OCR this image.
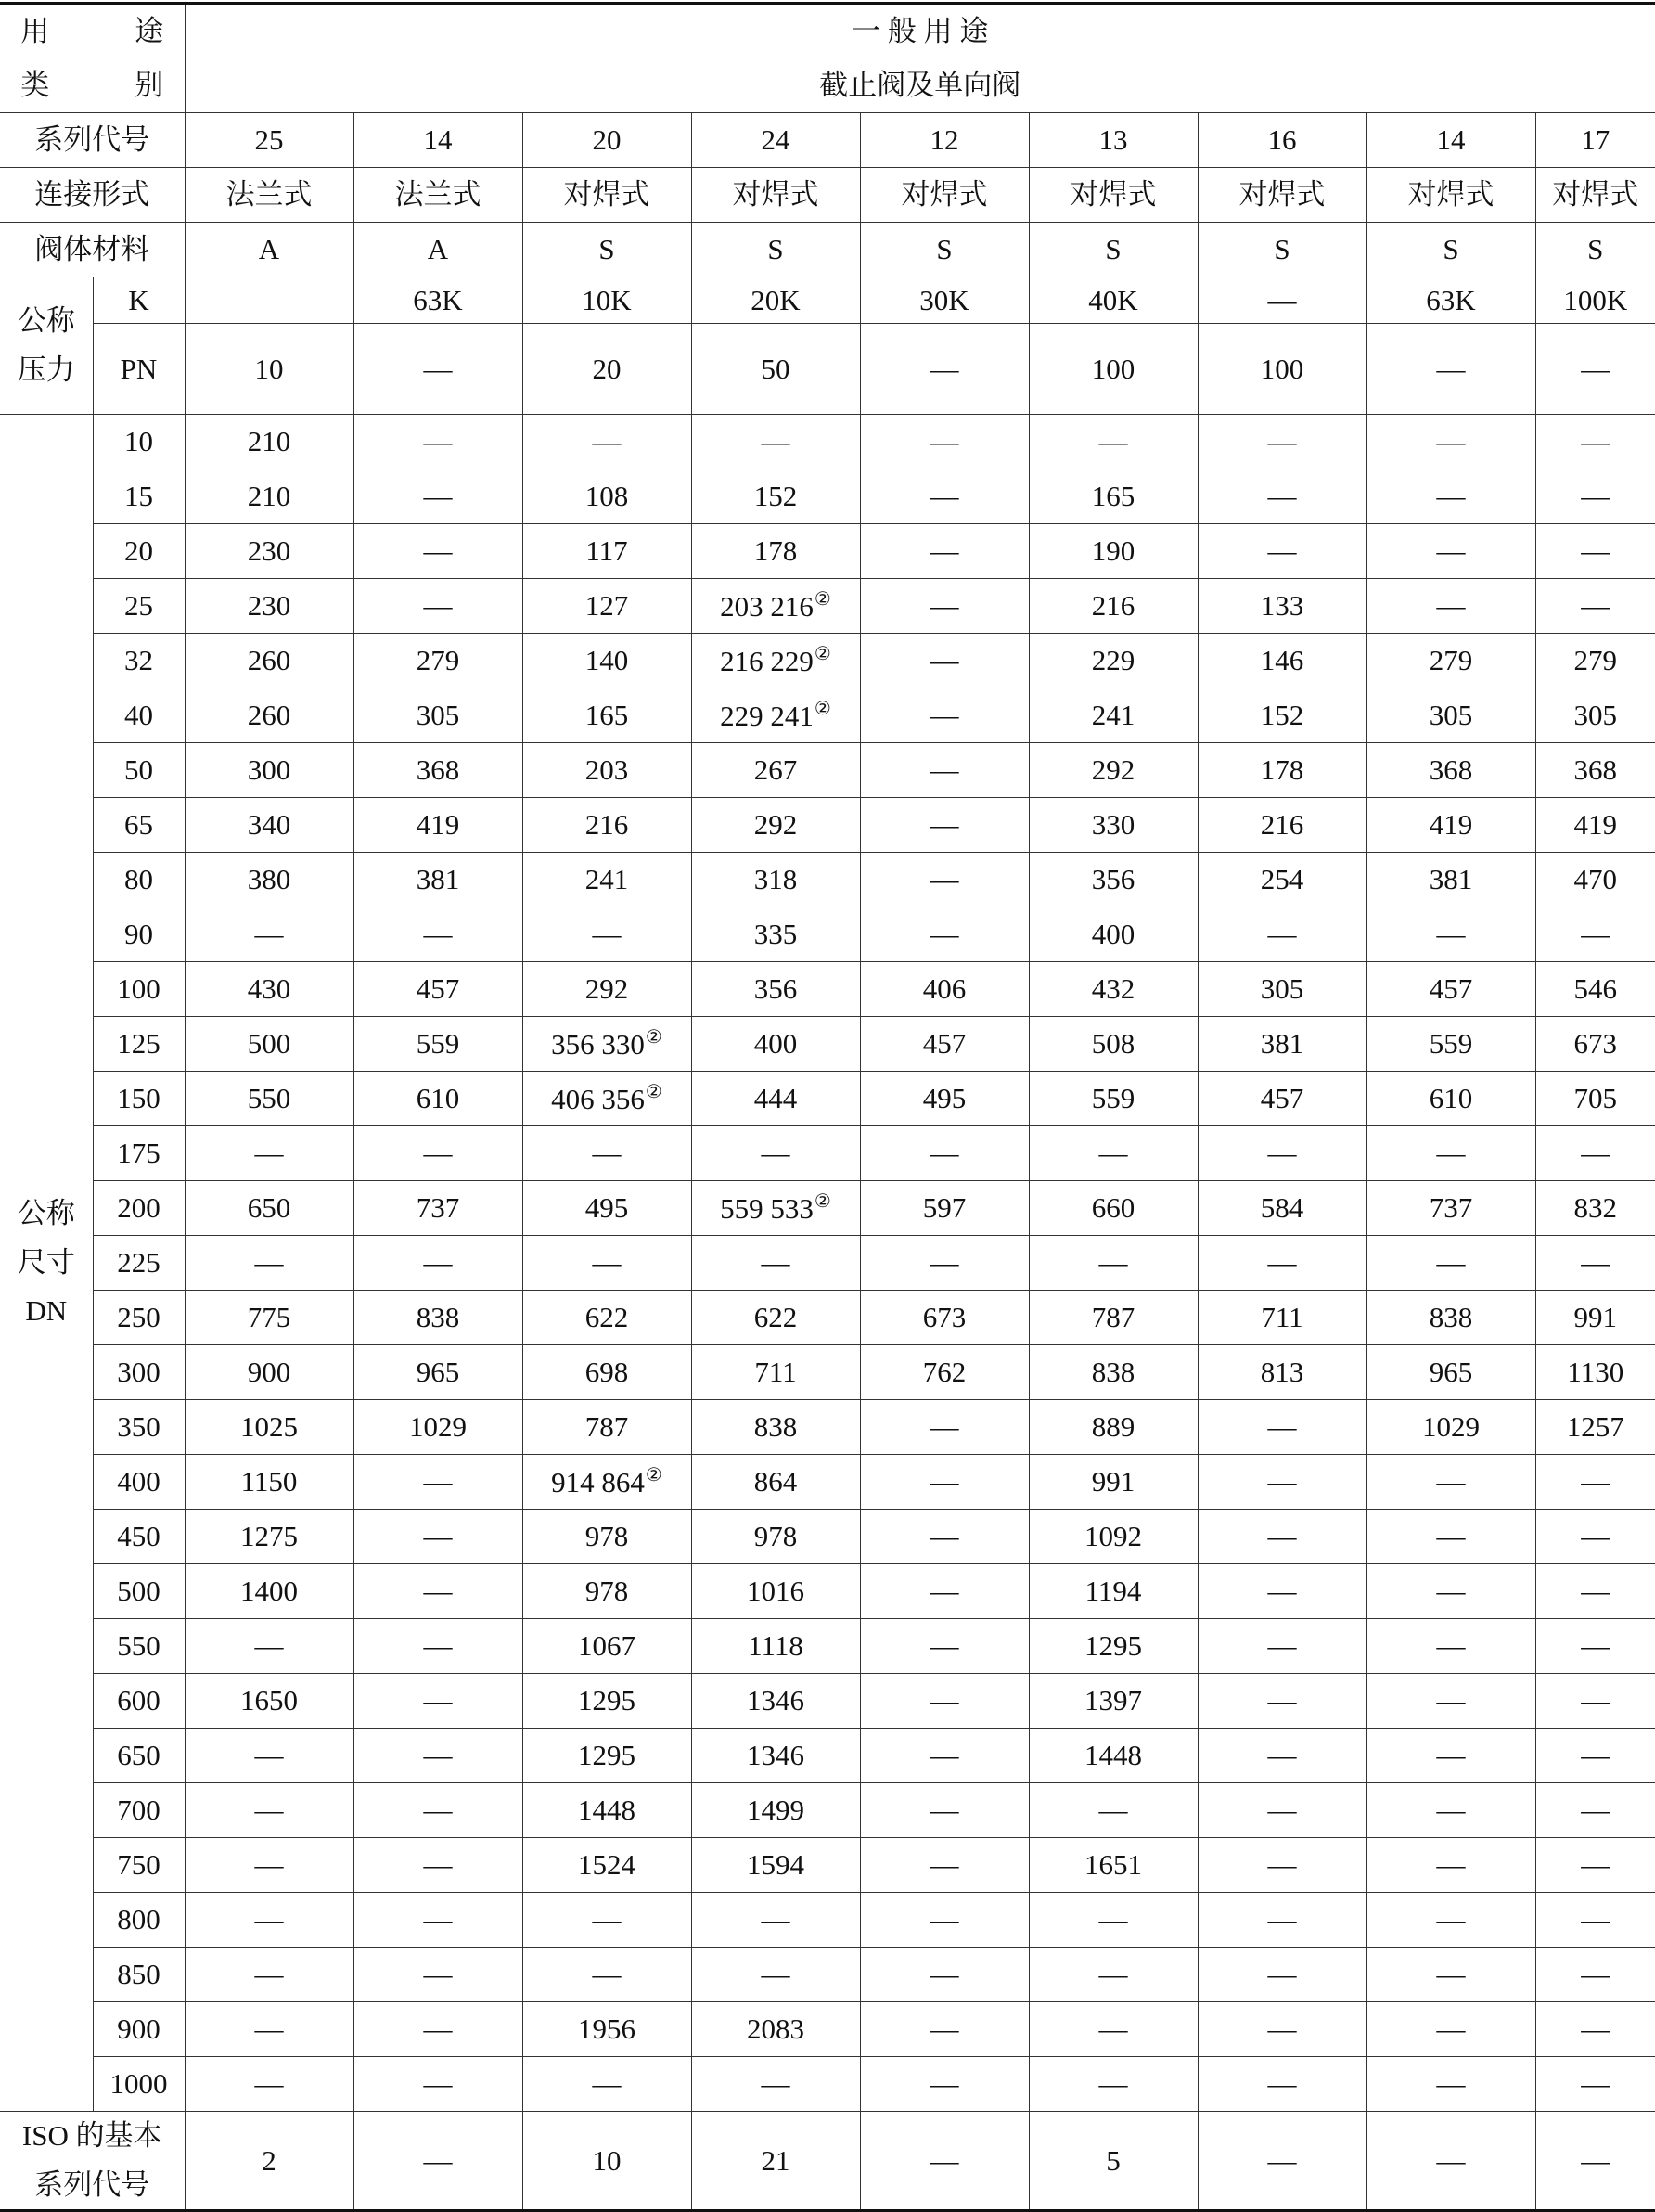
用 途		一 般 用 途								
类 别		截止阀及单向阀								
系列代号		25	14	20	24	12	13	16	14	17
连接形式		法兰式	法兰式	对焊式	对焊式	对焊式	对焊式	对焊式	对焊式	对焊式
阀体材料		A	A	S	S	S	S	S	S	S

公称
压力	K		63K	10K	20K	30K	40K	—	63K	100K
	PN	10	—	20	50	—	100	100	—	—

公称
尺寸
DN	10	210	—	—	—	—	—	—	—	—
	15	210	—	108	152	—	165	—	—	—
	20	230	—	117	178	—	190	—	—	—
	25	230	—	127	203 216②	—	216	133	—	—
	32	260	279	140	216 229②	—	229	146	279	279
	40	260	305	165	229 241②	—	241	152	305	305
	50	300	368	203	267	—	292	178	368	368
	65	340	419	216	292	—	330	216	419	419
	80	380	381	241	318	—	356	254	381	470
	90	—	—	—	335	—	400	—	—	—
	100	430	457	292	356	406	432	305	457	546
	125	500	559	356 330②	400	457	508	381	559	673
	150	550	610	406 356②	444	495	559	457	610	705
	175	—	—	—	—	—	—	—	—	—
	200	650	737	495	559 533②	597	660	584	737	832
	225	—	—	—	—	—	—	—	—	—
	250	775	838	622	622	673	787	711	838	991
	300	900	965	698	711	762	838	813	965	1130
	350	1025	1029	787	838	—	889	—	1029	1257
	400	1150	—	914 864②	864	—	991	—	—	—
	450	1275	—	978	978	—	1092	—	—	—
	500	1400	—	978	1016	—	1194	—	—	—
	550	—	—	1067	1118	—	1295	—	—	—
	600	1650	—	1295	1346	—	1397	—	—	—
	650	—	—	1295	1346	—	1448	—	—	—
	700	—	—	1448	1499	—	—	—	—	—
	750	—	—	1524	1594	—	1651	—	—	—
	800	—	—	—	—	—	—	—	—	—
	850	—	—	—	—	—	—	—	—	—
	900	—	—	1956	2083	—	—	—	—	—
	1000	—	—	—	—	—	—	—	—	—

ISO 的基本
系列代号		2	—	10	21	—	5	—	—	—
